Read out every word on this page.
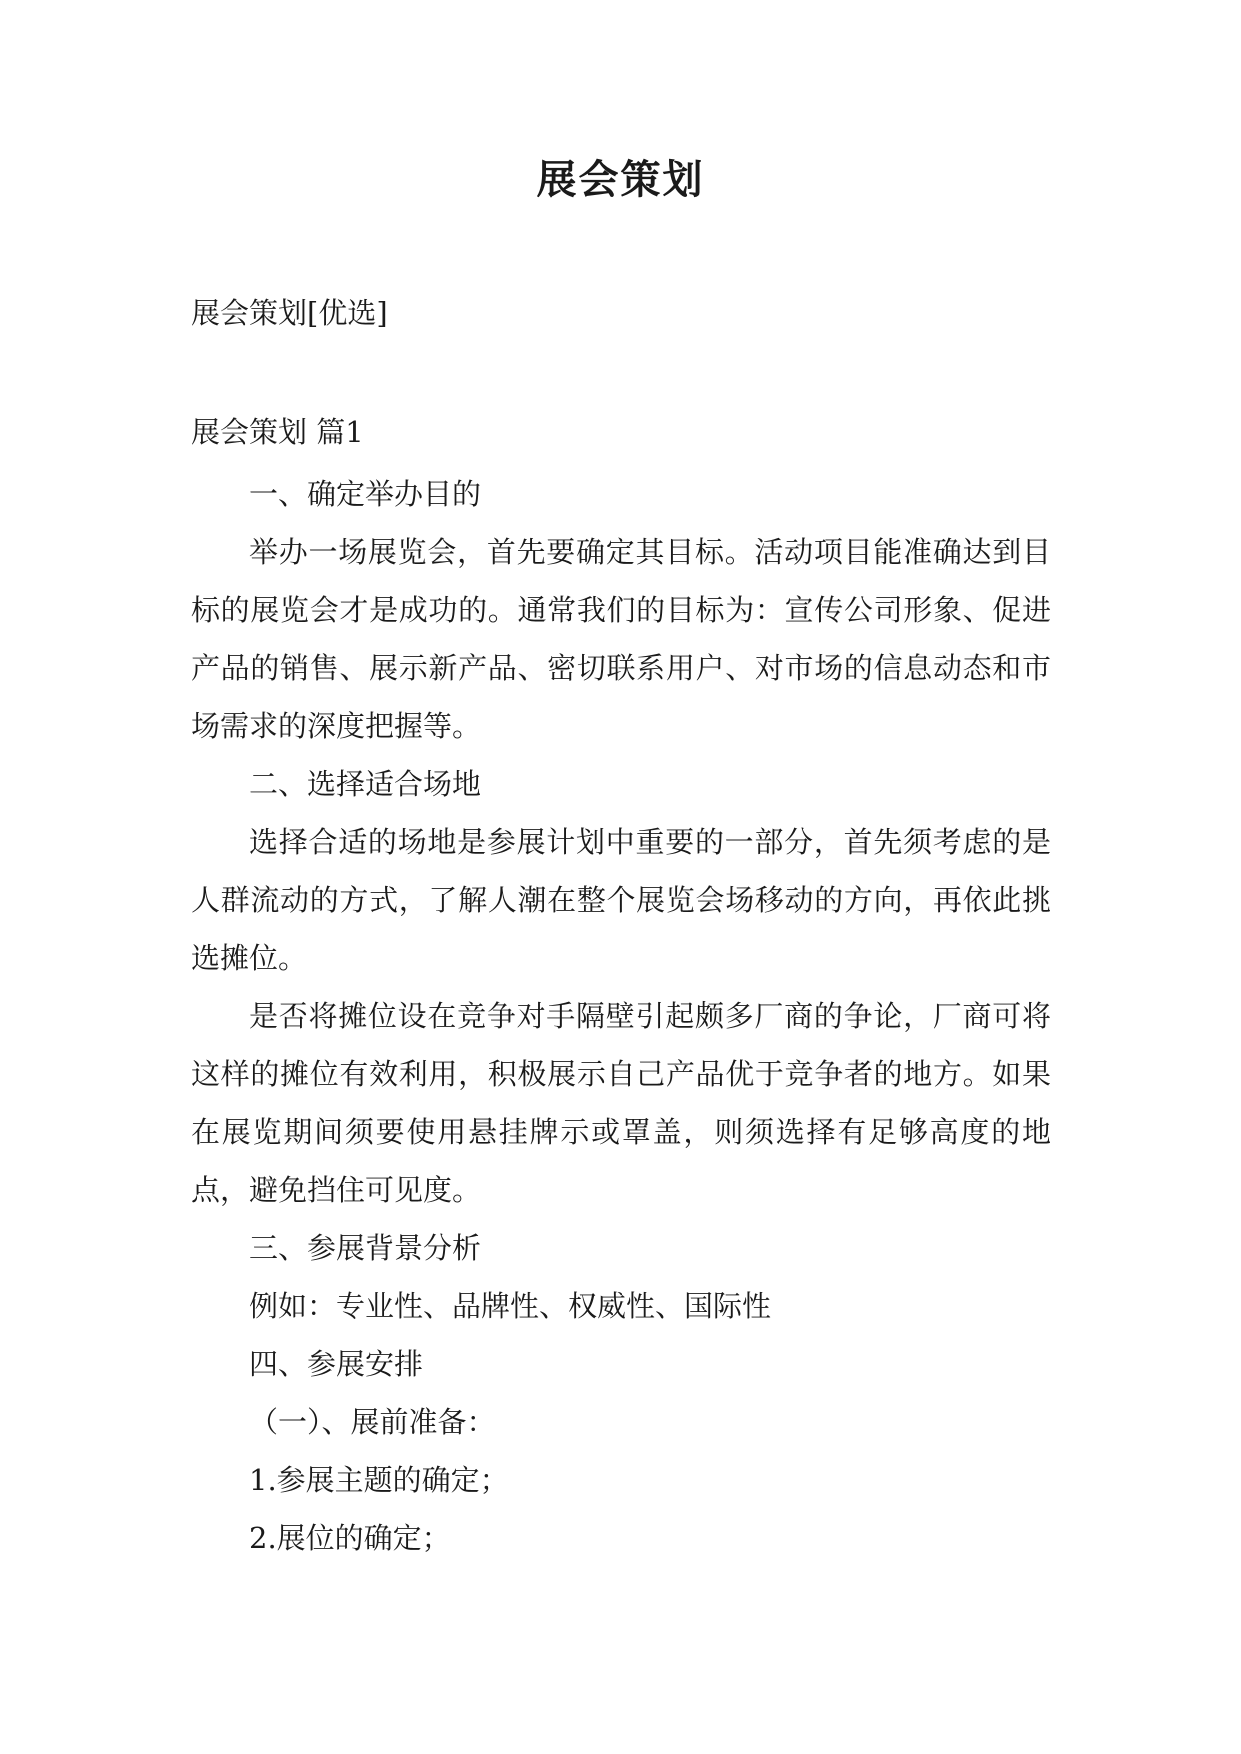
展会策划
展会策划[优选]
展会策划 篇1

一、确定举办目的

举办一场展览会，首先要确定其目标。活动项目能准确达到目标的展览会才是成功的。通常我们的目标为：宣传公司形象、促进产品的销售、展示新产品、密切联系用户、对市场的信息动态和市场需求的深度把握等。

二、选择适合场地

选择合适的场地是参展计划中重要的一部分，首先须考虑的是人群流动的方式，了解人潮在整个展览会场移动的方向，再依此挑选摊位。

是否将摊位设在竞争对手隔壁引起颇多厂商的争论，厂商可将这样的摊位有效利用，积极展示自己产品优于竞争者的地方。如果在展览期间须要使用悬挂牌示或罩盖，则须选择有足够高度的地点，避免挡住可见度。

三、参展背景分析

例如：专业性、品牌性、权威性、国际性

四、参展安排

（一）、展前准备：

1.参展主题的确定；

2.展位的确定；
